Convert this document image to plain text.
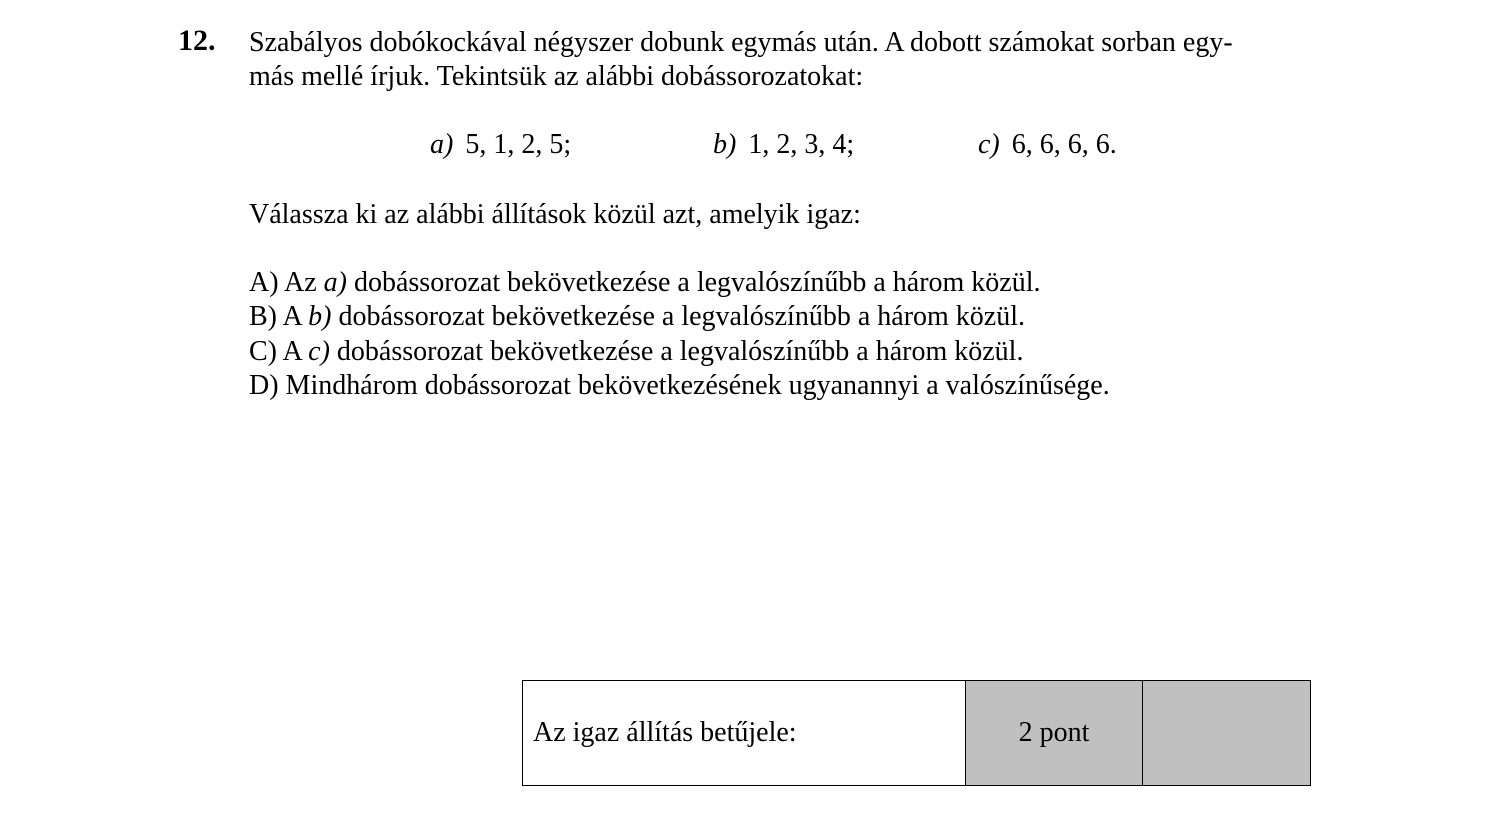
12. Szabályos dobókockával négyszer dobunk egymás után. A dobott számokat sorban egy-
más mellé írjuk. Tekintsük az alábbi dobássorozatokat:
a) 5, 1, 2, 5;	b) 1, 2, 3, 4;	c) 6, 6, 6, 6.
Válassza ki az alábbi állítások közül azt, amelyik igaz:
A) Az a) dobássorozat bekövetkezése a legvalószínűbb a három közül.
B) A b) dobássorozat bekövetkezése a legvalószínűbb a három közül.
C) A c) dobássorozat bekövetkezése a legvalószínűbb a három közül.
D) Mindhárom dobássorozat bekövetkezésének ugyanannyi a valószínűsége.
Az igaz állítás betűjele:	2 pont	
